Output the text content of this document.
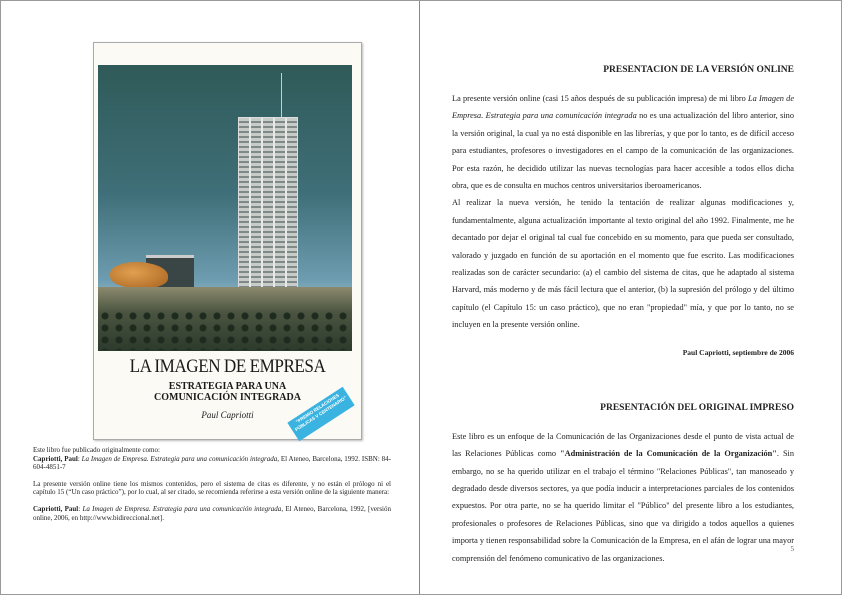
LA IMAGEN DE EMPRESA
ESTRATEGIA PARA UNA
COMUNICACIÓN INTEGRADA
Paul Capriotti	"PREMIO RELACIONES PÚBLICAS V CENTENARIO"
Este libro fue publicado originalmente como:
Capriotti, Paul: La Imagen de Empresa. Estrategia para una comunicación integrada, El Ateneo, Barcelona, 1992. ISBN: 84-604-4851-7
La presente versión online tiene los mismos contenidos, pero el sistema de citas es diferente, y no están el prólogo ni el capítulo 15 (“Un caso práctico”), por lo cual, al ser citado, se recomienda referirse a esta versión online de la siguiente manera:
Capriotti, Paul: La Imagen de Empresa. Estrategia para una comunicación integrada, El Ateneo, Barcelona, 1992, [versión online, 2006, en http://www.bidireccional.net].
PRESENTACION DE LA VERSIÓN ONLINE
La presente versión online (casi 15 años después de su publicación impresa) de mi libro La Imagen de Empresa. Estrategia para una comunicación integrada no es una actualización del libro anterior, sino la versión original, la cual ya no está disponible en las librerías, y que por lo tanto, es de difícil acceso para estudiantes, profesores o investigadores en el campo de la comunicación de las organizaciones. Por esta razón, he decidido utilizar las nuevas tecnologías para hacer accesible a todos ellos dicha obra, que es de consulta en muchos centros universitarios iberoamericanos.
Al realizar la nueva versión, he tenido la tentación de realizar algunas modificaciones y, fundamentalmente, alguna actualización importante al texto original del año 1992. Finalmente, me he decantado por dejar el original tal cual fue concebido en su momento, para que pueda ser consultado, valorado y juzgado en función de su aportación en el momento que fue escrito. Las modificaciones realizadas son de carácter secundario: (a) el cambio del sistema de citas, que he adaptado al sistema Harvard, más moderno y de más fácil lectura que el anterior, (b) la supresión del prólogo y del último capítulo (el Capítulo 15: un caso práctico), que no eran "propiedad" mía, y que por lo tanto, no se incluyen en la presente versión online.
Paul Capriotti, septiembre de 2006
PRESENTACIÓN DEL ORIGINAL IMPRESO
Este libro es un enfoque de la Comunicación de las Organizaciones desde el punto de vista actual de las Relaciones Públicas como "Administración de la Comunicación de la Organización". Sin embargo, no se ha querido utilizar en el trabajo el término "Relaciones Públicas", tan manoseado y degradado desde diversos sectores, ya que podía inducir a interpretaciones parciales de los contenidos expuestos. Por otra parte, no se ha querido limitar el "Público" del presente libro a los estudiantes, profesionales o profesores de Relaciones Públicas, sino que va dirigido a todos aquellos a quienes importa y tienen responsabilidad sobre la Comunicación de la Empresa, en el afán de lograr una mayor comprensión del fenómeno comunicativo de las organizaciones.
5
